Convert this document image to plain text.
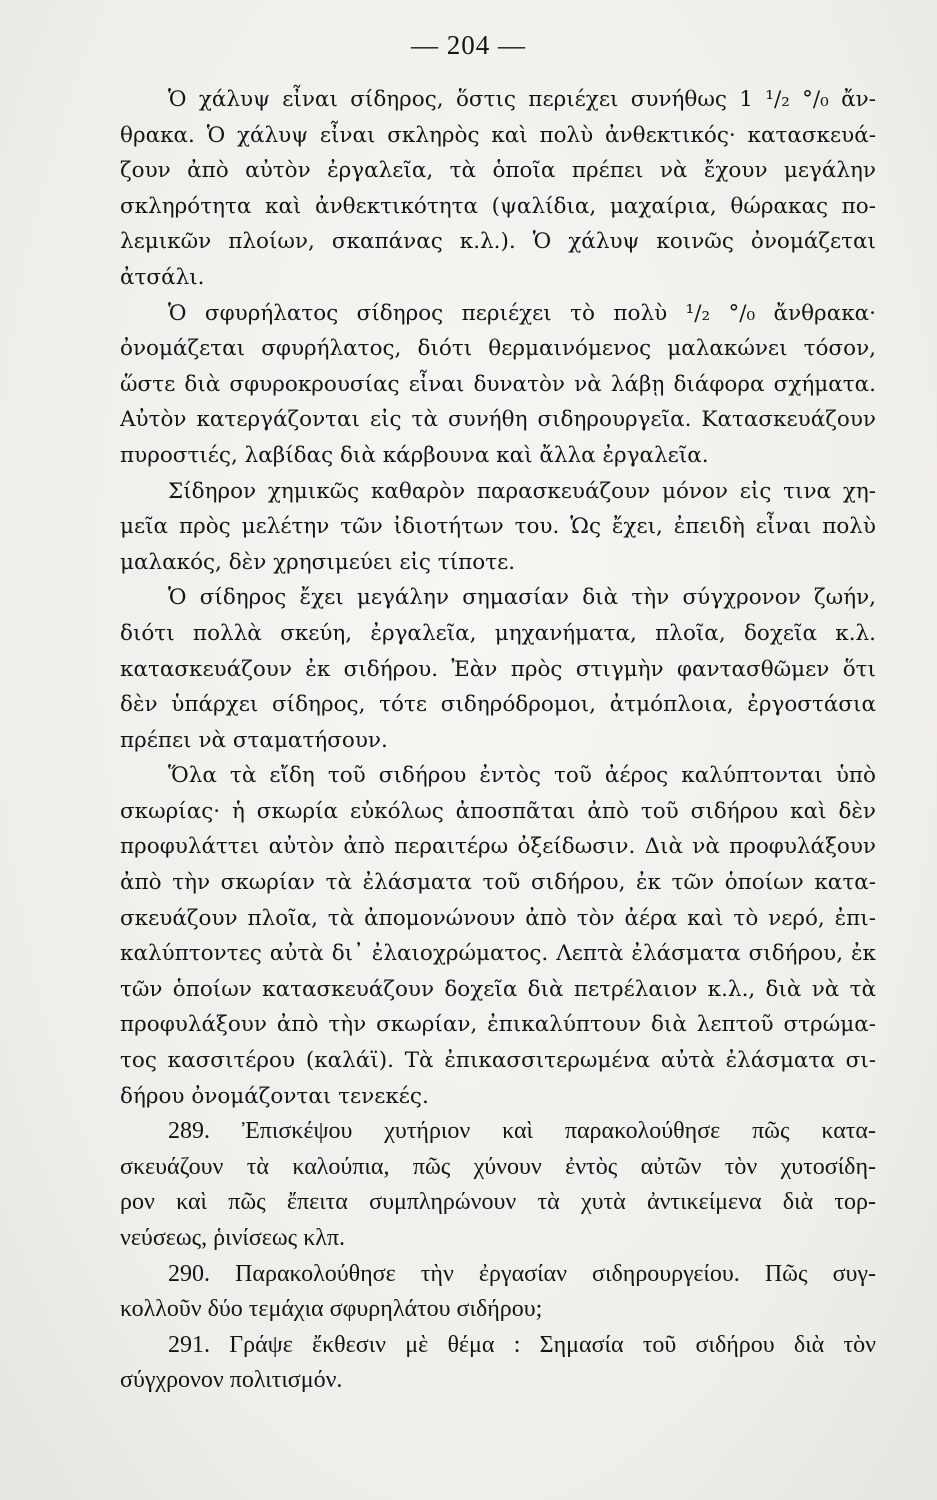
— 204 —
Ὁ χάλυψ εἶναι σίδηρος, ὅστις περιέχει συνήθως 1 ¹/₂ °/₀ ἄν-
θρακα. Ὁ χάλυψ εἶναι σκληρὸς καὶ πολὺ ἀνθεκτικός· κατασκευά-
ζουν ἀπὸ αὐτὸν ἐργαλεῖα, τὰ ὁποῖα πρέπει νὰ ἔχουν μεγάλην
σκληρότητα καὶ ἀνθεκτικότητα (ψαλίδια, μαχαίρια, θώρακας πο-
λεμικῶν πλοίων, σκαπάνας κ.λ.). Ὁ χάλυψ κοινῶς ὀνομάζεται
ἀτσάλι.
Ὁ σφυρήλατος σίδηρος περιέχει τὸ πολὺ ¹/₂ °/₀ ἄνθρακα·
ὀνομάζεται σφυρήλατος, διότι θερμαινόμενος μαλακώνει τόσον,
ὥστε διὰ σφυροκρουσίας εἶναι δυνατὸν νὰ λάβῃ διάφορα σχήματα.
Αὐτὸν κατεργάζονται εἰς τὰ συνήθη σιδηρουργεῖα. Κατασκευάζουν
πυροστιές, λαβίδας διὰ κάρβουνα καὶ ἄλλα ἐργαλεῖα.
Σίδηρον χημικῶς καθαρὸν παρασκευάζουν μόνον εἰς τινα χη-
μεῖα πρὸς μελέτην τῶν ἰδιοτήτων του. Ὡς ἔχει, ἐπειδὴ εἶναι πολὺ
μαλακός, δὲν χρησιμεύει εἰς τίποτε.
Ὁ σίδηρος ἔχει μεγάλην σημασίαν διὰ τὴν σύγχρονον ζωήν,
διότι πολλὰ σκεύη, ἐργαλεῖα, μηχανήματα, πλοῖα, δοχεῖα κ.λ.
κατασκευάζουν ἐκ σιδήρου. Ἐὰν πρὸς στιγμὴν φαντασθῶμεν ὅτι
δὲν ὑπάρχει σίδηρος, τότε σιδηρόδρομοι, ἀτμόπλοια, ἐργοστάσια
πρέπει νὰ σταματήσουν.
Ὅλα τὰ εἴδη τοῦ σιδήρου ἐντὸς τοῦ ἀέρος καλύπτονται ὑπὸ
σκωρίας· ἡ σκωρία εὐκόλως ἀποσπᾶται ἀπὸ τοῦ σιδήρου καὶ δὲν
προφυλάττει αὐτὸν ἀπὸ περαιτέρω ὀξείδωσιν. Διὰ νὰ προφυλάξουν
ἀπὸ τὴν σκωρίαν τὰ ἐλάσματα τοῦ σιδήρου, ἐκ τῶν ὁποίων κατα-
σκευάζουν πλοῖα, τὰ ἀπομονώνουν ἀπὸ τὸν ἀέρα καὶ τὸ νερό, ἐπι-
καλύπτοντες αὐτὰ δι᾽ ἐλαιοχρώματος. Λεπτὰ ἐλάσματα σιδήρου, ἐκ
τῶν ὁποίων κατασκευάζουν δοχεῖα διὰ πετρέλαιον κ.λ., διὰ νὰ τὰ
προφυλάξουν ἀπὸ τὴν σκωρίαν, ἐπικαλύπτουν διὰ λεπτοῦ στρώμα-
τος κασσιτέρου (καλάϊ). Τὰ ἐπικασσιτερωμένα αὐτὰ ἐλάσματα σι-
δήρου ὀνομάζονται τενεκές.
289. Ἐπισκέψου χυτήριον καὶ παρακολούθησε πῶς κατα-
σκευάζουν τὰ καλούπια, πῶς χύνουν ἐντὸς αὐτῶν τὸν χυτοσίδη-
ρον καὶ πῶς ἔπειτα συμπληρώνουν τὰ χυτὰ ἀντικείμενα διὰ τορ-
νεύσεως, ῥινίσεως κλπ.
290. Παρακολούθησε τὴν ἐργασίαν σιδηρουργείου. Πῶς συγ-
κολλοῦν δύο τεμάχια σφυρηλάτου σιδήρου;
291. Γράψε ἔκθεσιν μὲ θέμα : Σημασία τοῦ σιδήρου διὰ τὸν
σύγχρονον πολιτισμόν.
